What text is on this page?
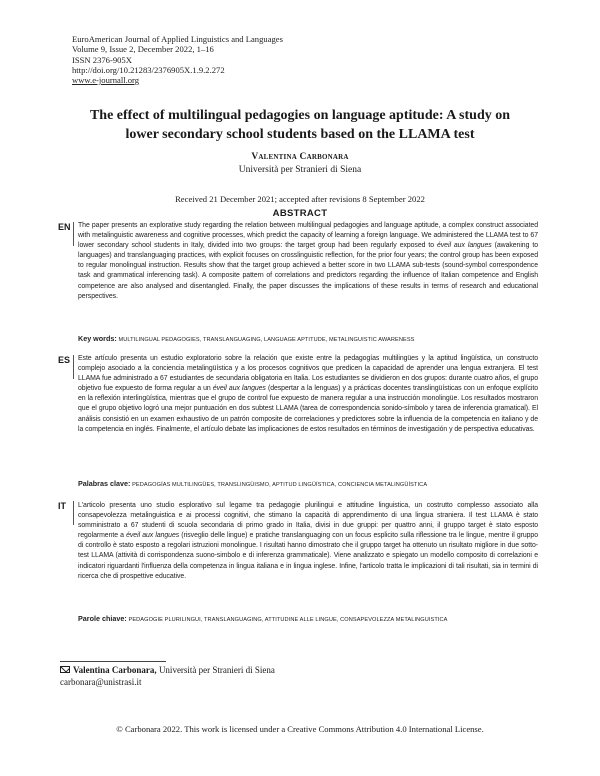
EuroAmerican Journal of Applied Linguistics and Languages
Volume 9, Issue 2, December 2022, 1–16
ISSN 2376-905X
http://doi.org/10.21283/2376905X.1.9.2.272
www.e-journall.org
The effect of multilingual pedagogies on language aptitude: A study on
lower secondary school students based on the LLAMA test
Valentina Carbonara
Università per Stranieri di Siena
Received 21 December 2021; accepted after revisions 8 September 2022
ABSTRACT
EN The paper presents an explorative study regarding the relation between multilingual pedagogies and language aptitude, a complex construct associated with metalinguistic awareness and cognitive processes, which predict the capacity of learning a foreign language. We administered the LLAMA test to 67 lower secondary school students in Italy, divided into two groups: the target group had been regularly exposed to éveil aux langues (awakening to languages) and translanguaging practices, with explicit focuses on crosslinguistic reflection, for the prior four years; the control group has been exposed to regular monolingual instruction. Results show that the target group achieved a better score in two LLAMA sub-tests (sound-symbol correspondence task and grammatical inferencing task). A composite pattern of correlations and predictors regarding the influence of Italian competence and English competence are also analysed and disentangled. Finally, the paper discusses the implications of these results in terms of research and educational perspectives.
Key words: MULTILINGUAL PEDAGOGIES, TRANSLANGUAGING, LANGUAGE APTITUDE, METALINGUISTIC AWARENESS
ES Este artículo presenta un estudio exploratorio sobre la relación que existe entre la pedagogías multilingües y la aptitud lingüística, un constructo complejo asociado a la conciencia metalingüística y a los procesos cognitivos que predicen la capacidad de aprender una lengua extranjera. El test LLAMA fue administrado a 67 estudiantes de secundaria obligatoria en Italia. Los estudiantes se dividieron en dos grupos: durante cuatro años, el grupo objetivo fue expuesto de forma regular a un éveil aux langues (despertar a la lenguas) y a prácticas docentes translingüísticas con un enfoque explícito en la reflexión interlingüística, mientras que el grupo de control fue expuesto de manera regular a una instrucción monolingüe. Los resultados mostraron que el grupo objetivo logró una mejor puntuación en dos subtest LLAMA (tarea de correspondencia sonido-símbolo y tarea de inferencia gramatical). El análisis consistió en un examen exhaustivo de un patrón composite de correlaciones y predictores sobre la influencia de la competencia en italiano y de la competencia en inglés. Finalmente, el artículo debate las implicaciones de estos resultados en términos de investigación y de perspectiva educativas.
Palabras clave: PEDAGOGÍAS MULTILINGÜES, TRANSLINGÜISMO, APTITUD LINGÜÍSTICA, CONCIENCIA METALINGÜÍSTICA
IT L'articolo presenta uno studio esplorativo sul legame tra pedagogie plurilingui e attitudine linguistica, un costrutto complesso associato alla consapevolezza metalinguistica e ai processi cognitivi, che stimano la capacità di apprendimento di una lingua straniera. Il test LLAMA è stato somministrato a 67 studenti di scuola secondaria di primo grado in Italia, divisi in due gruppi: per quattro anni, il gruppo target è stato esposto regolarmente a éveil aux langues (risveglio delle lingue) e pratiche translanguaging con un focus esplicito sulla riflessione tra le lingue, mentre il gruppo di controllo è stato esposto a regolari istruzioni monolingue. I risultati hanno dimostrato che il gruppo target ha ottenuto un risultato migliore in due sotto-test LLAMA (attività di corrispondenza suono-simbolo e di inferenza grammaticale). Viene analizzato e spiegato un modello composito di correlazioni e indicatori riguardanti l'influenza della competenza in lingua italiana e in lingua inglese. Infine, l'articolo tratta le implicazioni di tali risultati, sia in termini di ricerca che di prospettive educative.
Parole chiave: PEDAGOGIE PLURILINGUI, TRANSLANGUAGING, ATTITUDINE ALLE LINGUE, CONSAPEVOLEZZA METALINGUISTICA
Valentina Carbonara, Università per Stranieri di Siena
carbonara@unistrasi.it
© Carbonara 2022. This work is licensed under a Creative Commons Attribution 4.0 International License.
